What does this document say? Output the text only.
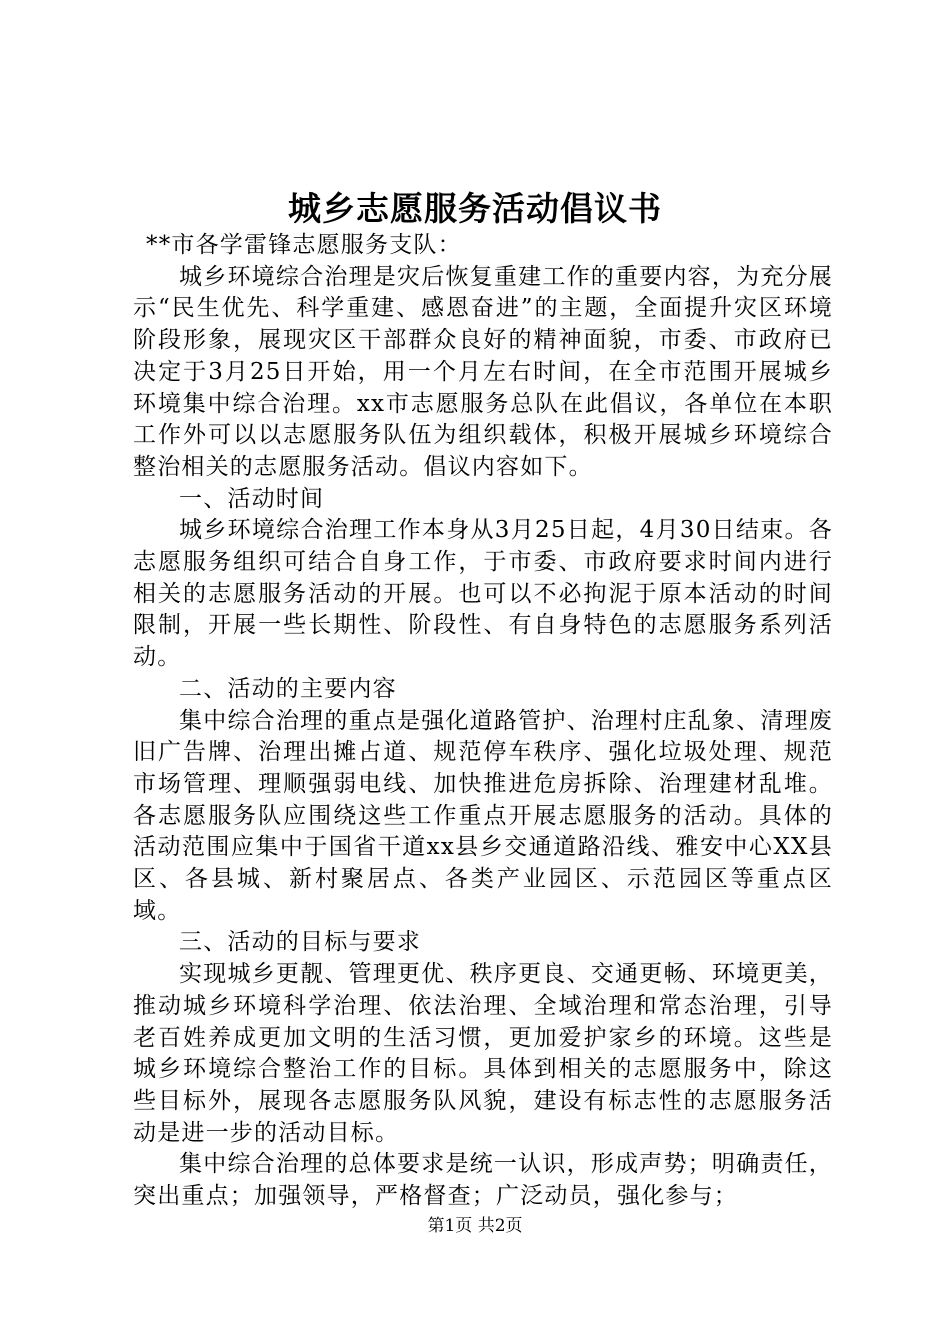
城乡志愿服务活动倡议书

**市各学雷锋志愿服务支队：

城乡环境综合治理是灾后恢复重建工作的重要内容，为充分展示“民生优先、科学重建、感恩奋进”的主题，全面提升灾区环境阶段形象，展现灾区干部群众良好的精神面貌，市委、市政府已决定于3月25日开始，用一个月左右时间，在全市范围开展城乡环境集中综合治理。xx市志愿服务总队在此倡议，各单位在本职工作外可以以志愿服务队伍为组织载体，积极开展城乡环境综合整治相关的志愿服务活动。倡议内容如下。

一、活动时间

城乡环境综合治理工作本身从3月25日起，4月30日结束。各志愿服务组织可结合自身工作，于市委、市政府要求时间内进行相关的志愿服务活动的开展。也可以不必拘泥于原本活动的时间限制，开展一些长期性、阶段性、有自身特色的志愿服务系列活动。

二、活动的主要内容

集中综合治理的重点是强化道路管护、治理村庄乱象、清理废旧广告牌、治理出摊占道、规范停车秩序、强化垃圾处理、规范市场管理、理顺强弱电线、加快推进危房拆除、治理建材乱堆。各志愿服务队应围绕这些工作重点开展志愿服务的活动。具体的活动范围应集中于国省干道xx县乡交通道路沿线、雅安中心XX县区、各县城、新村聚居点、各类产业园区、示范园区等重点区域。

三、活动的目标与要求

实现城乡更靓、管理更优、秩序更良、交通更畅、环境更美，推动城乡环境科学治理、依法治理、全域治理和常态治理，引导老百姓养成更加文明的生活习惯，更加爱护家乡的环境。这些是城乡环境综合整治工作的目标。具体到相关的志愿服务中，除这些目标外，展现各志愿服务队风貌，建设有标志性的志愿服务活动是进一步的活动目标。

集中综合治理的总体要求是统一认识，形成声势；明确责任，突出重点；加强领导，严格督查；广泛动员，强化参与；

第1页 共2页
